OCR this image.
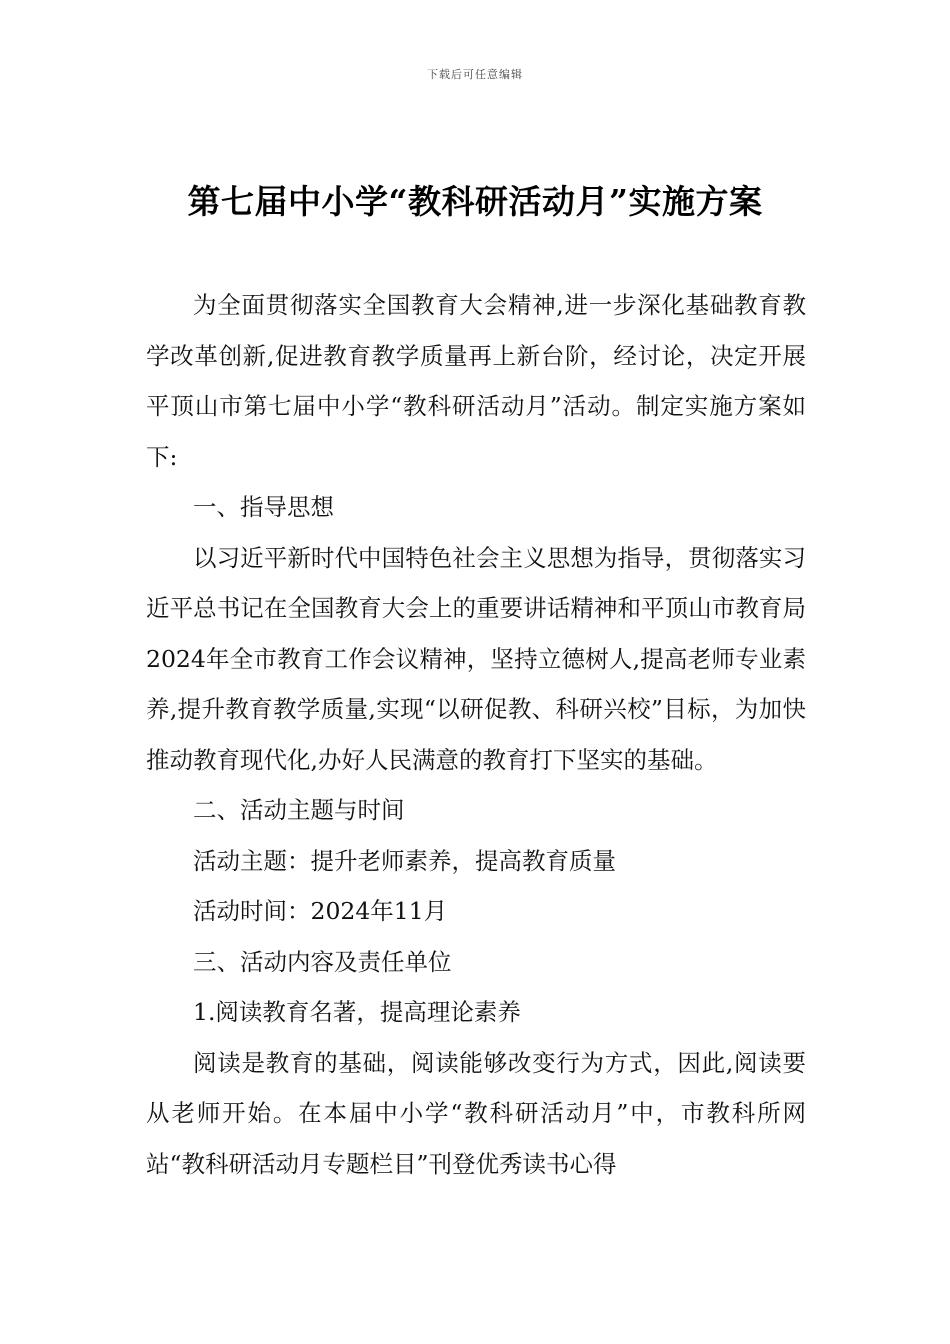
下载后可任意编辑
第七届中小学“教科研活动月”实施方案

为全面贯彻落实全国教育大会精神,进一步深化基础教育教学改革创新,促进教育教学质量再上新台阶，经讨论，决定开展平顶山市第七届中小学“教科研活动月”活动。制定实施方案如下:

一、指导思想

以习近平新时代中国特色社会主义思想为指导，贯彻落实习近平总书记在全国教育大会上的重要讲话精神和平顶山市教育局2024年全市教育工作会议精神，坚持立德树人,提高老师专业素养,提升教育教学质量,实现“以研促教、科研兴校”目标，为加快推动教育现代化,办好人民满意的教育打下坚实的基础。

二、活动主题与时间

活动主题：提升老师素养，提高教育质量

活动时间：2024年11月

三、活动内容及责任单位

1.阅读教育名著，提高理论素养

阅读是教育的基础，阅读能够改变行为方式，因此,阅读要从老师开始。在本届中小学“教科研活动月”中，市教科所网站“教科研活动月专题栏目”刊登优秀读书心得
